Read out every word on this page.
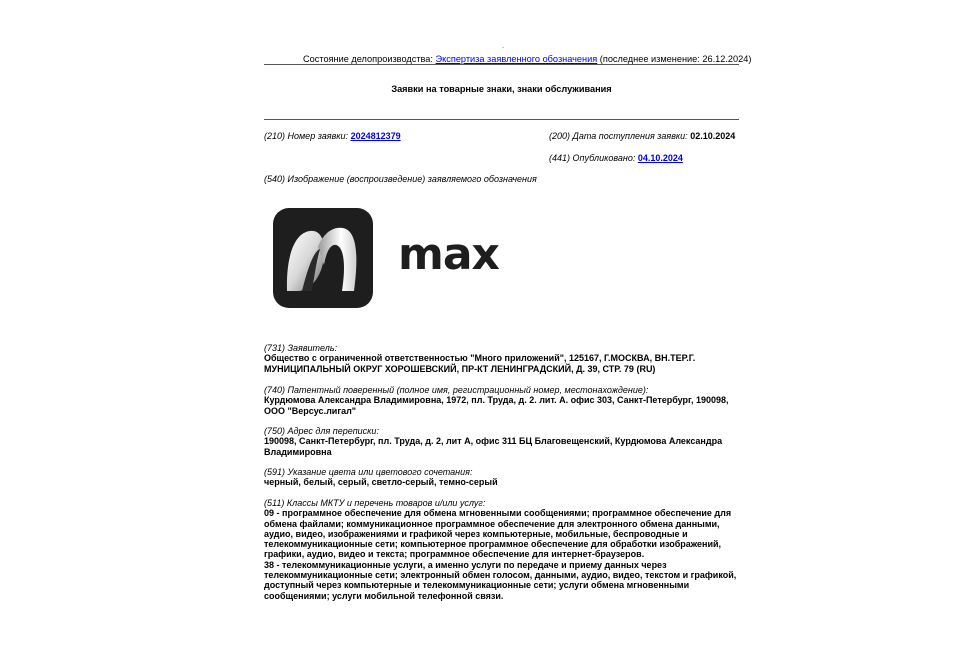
.
Состояние делопроизводства: Экспертиза заявленного обозначения (последнее изменение: 26.12.2024)
Заявки на товарные знаки, знаки обслуживания
(210) Номер заявки: 2024812379	(200) Дата поступления заявки: 02.10.2024
(441) Опубликовано: 04.10.2024
(540) Изображение (воспроизведение) заявляемого обозначения
max
(731) Заявитель:
Общество с ограниченной ответственностью "Много приложений", 125167, Г.МОСКВА, ВН.ТЕР.Г. МУНИЦИПАЛЬНЫЙ ОКРУГ ХОРОШЕВСКИЙ, ПР-КТ ЛЕНИНГРАДСКИЙ, Д. 39, СТР. 79 (RU)
(740) Патентный поверенный (полное имя, регистрационный номер, местонахождение):
Курдюмова Александра Владимировна, 1972, пл. Труда, д. 2. лит. А. офис 303, Санкт-Петербург, 190098, ООО "Версус.лигал"
(750) Адрес для переписки:
190098, Санкт-Петербург, пл. Труда, д. 2, лит А, офис 311 БЦ Благовещенский, Курдюмова Александра Владимировна
(591) Указание цвета или цветового сочетания:
черный, белый, серый, светло-серый, темно-серый
(511) Классы МКТУ и перечень товаров и/или услуг:
09 - программное обеспечение для обмена мгновенными сообщениями; программное обеспечение для обмена файлами; коммуникационное программное обеспечение для электронного обмена данными, аудио, видео, изображениями и графикой через компьютерные, мобильные, беспроводные и телекоммуникационные сети; компьютерное программное обеспечение для обработки изображений, графики, аудио, видео и текста; программное обеспечение для интернет-браузеров.
38 - телекоммуникационные услуги, а именно услуги по передаче и приему данных через телекоммуникационные сети; электронный обмен голосом, данными, аудио, видео, текстом и графикой, доступный через компьютерные и телекоммуникационные сети; услуги обмена мгновенными сообщениями; услуги мобильной телефонной связи.
